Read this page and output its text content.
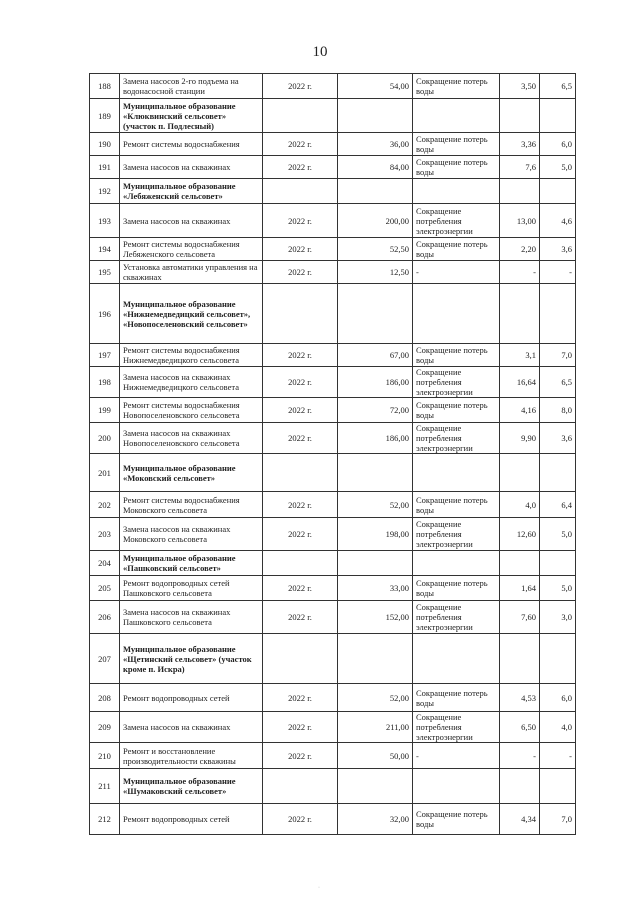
10
188	Замена насосов 2-го подъема на водонасосной станции	2022 г.	54,00	Сокращение потерь воды	3,50	6,5
189	Муниципальное образование «Клюквинский сельсовет» (участок п. Подлесный)					
190	Ремонт системы водоснабжения	2022 г.	36,00	Сокращение потерь воды	3,36	6,0
191	Замена насосов на скважинах	2022 г.	84,00	Сокращение потерь воды	7,6	5,0
192	Муниципальное образование «Лебяженский сельсовет»					
193	Замена насосов на скважинах	2022 г.	200,00	Сокращение потребления электроэнергии	13,00	4,6
194	Ремонт системы водоснабжения Лебяженского сельсовета	2022 г.	52,50	Сокращение потерь воды	2,20	3,6
195	Установка автоматики управления на скважинах	2022 г.	12,50	-	-	-
196	Муниципальное образование «Нижнемедведицкий сельсовет», «Новопоселеновский сельсовет»					
197	Ремонт системы водоснабжения Нижнемедведицкого сельсовета	2022 г.	67,00	Сокращение потерь воды	3,1	7,0
198	Замена насосов на скважинах Нижнемедведицкого сельсовета	2022 г.	186,00	Сокращение потребления электроэнергии	16,64	6,5
199	Ремонт системы водоснабжения Новопоселеновского сельсовета	2022 г.	72,00	Сокращение потерь воды	4,16	8,0
200	Замена насосов на скважинах Новопоселеновского сельсовета	2022 г.	186,00	Сокращение потребления электроэнергии	9,90	3,6
201	Муниципальное образование «Моковский сельсовет»					
202	Ремонт системы водоснабжения Моковского сельсовета	2022 г.	52,00	Сокращение потерь воды	4,0	6,4
203	Замена насосов на скважинах Моковского сельсовета	2022 г.	198,00	Сокращение потребления электроэнергии	12,60	5,0
204	Муниципальное образование «Пашковский сельсовет»					
205	Ремонт водопроводных сетей Пашковского сельсовета	2022 г.	33,00	Сокращение потерь воды	1,64	5,0
206	Замена насосов на скважинах Пашковского сельсовета	2022 г.	152,00	Сокращение потребления электроэнергии	7,60	3,0
207	Муниципальное образование «Щетинский сельсовет» (участок кроме п. Искра)					
208	Ремонт водопроводных сетей	2022 г.	52,00	Сокращение потерь воды	4,53	6,0
209	Замена насосов на скважинах	2022 г.	211,00	Сокращение потребления электроэнергии	6,50	4,0
210	Ремонт и восстановление производительности скважины	2022 г.	50,00	-	-	-
211	Муниципальное образование «Шумаковский сельсовет»					
212	Ремонт водопроводных сетей	2022 г.	32,00	Сокращение потерь воды	4,34	7,0
·
